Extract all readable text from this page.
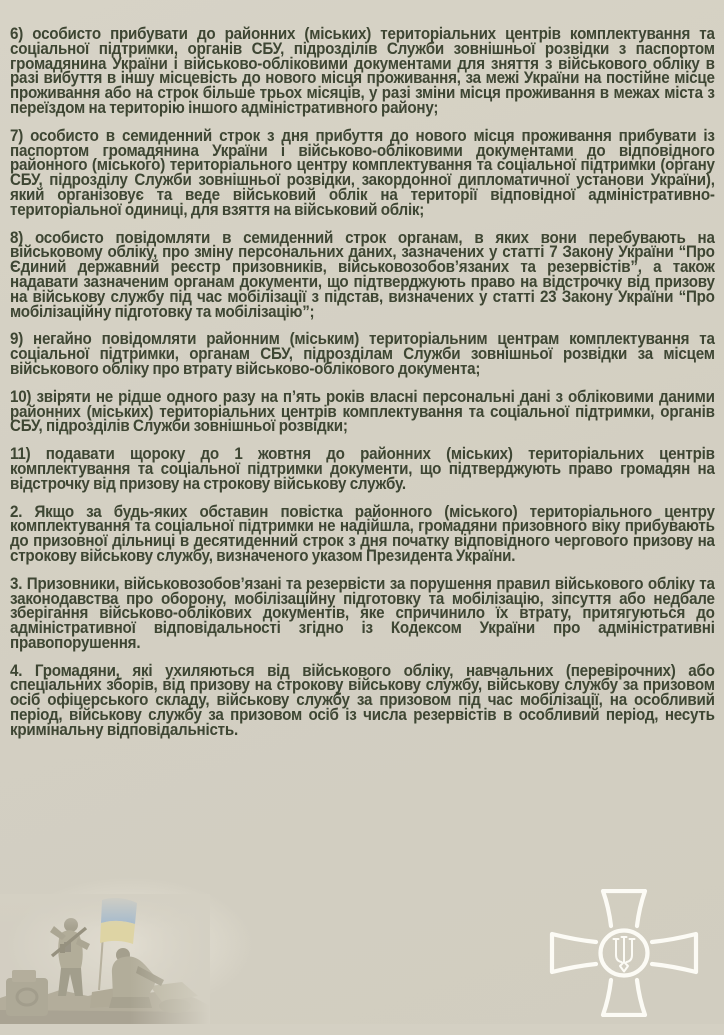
6) особисто прибувати до районних (міських) територіальних центрів комплектування та соціальної підтримки, органів СБУ, підрозділів Служби зовнішньої розвідки з паспортом громадянина України і військово-обліковими документами для зняття з військового обліку в разі вибуття в іншу місцевість до нового місця проживання, за межі України на постійне місце проживання або на строк більше трьох місяців, у разі зміни місця проживання в межах міста з переїздом на територію іншого адміністративного району;

7) особисто в семиденний строк з дня прибуття до нового місця проживання прибувати із паспортом громадянина України і військово-обліковими документами до відповідного районного (міського) територіального центру комплектування та соціальної підтримки (органу СБУ, підрозділу Служби зовнішньої розвідки, закордонної дипломатичної установи України), який організовує та веде військовий облік на території відповідної адміністративно-територіальної одиниці, для взяття на військовий облік;

8) особисто повідомляти в семиденний строк органам, в яких вони перебувають на військовому обліку, про зміну персональних даних, зазначених у статті 7 Закону України “Про Єдиний державний реєстр призовників, військовозобов’язаних та резервістів”, а також надавати зазначеним органам документи, що підтверджують право на відстрочку від призову на військову службу під час мобілізації з підстав, визначених у статті 23 Закону України “Про мобілізаційну підготовку та мобілізацію”;

9) негайно повідомляти районним (міським) територіальним центрам комплектування та соціальної підтримки, органам СБУ, підрозділам Служби зовнішньої розвідки за місцем військового обліку про втрату військово-облікового документа;

10) звіряти не рідше одного разу на п’ять років власні персональні дані з обліковими даними районних (міських) територіальних центрів комплектування та соціальної підтримки, органів СБУ, підрозділів Служби зовнішньої розвідки;

11) подавати щороку до 1 жовтня до районних (міських) територіальних центрів комплектування та соціальної підтримки документи, що підтверджують право громадян на відстрочку від призову на строкову військову службу.

2. Якщо за будь-яких обставин повістка районного (міського) територіального центру комплектування та соціальної підтримки не надійшла, громадяни призовного віку прибувають до призовної дільниці в десятиденний строк з дня початку відповідного чергового призову на строкову військову службу, визначеного указом Президента України.

3. Призовники, військовозобов’язані та резервісти за порушення правил військового обліку та законодавства про оборону, мобілізаційну підготовку та мобілізацію, зіпсуття або недбале зберігання військово-облікових документів, яке спричинило їх втрату, притягуються до адміністративної відповідальності згідно із Кодексом України про адміністративні правопорушення.

4. Громадяни, які ухиляються від військового обліку, навчальних (перевірочних) або спеціальних зборів, від призову на строкову військову службу, військову службу за призовом осіб офіцерського складу, військову службу за призовом під час мобілізації, на особливий період, військову службу за призовом осіб із числа резервістів в особливий період, несуть кримінальну відповідальність.
